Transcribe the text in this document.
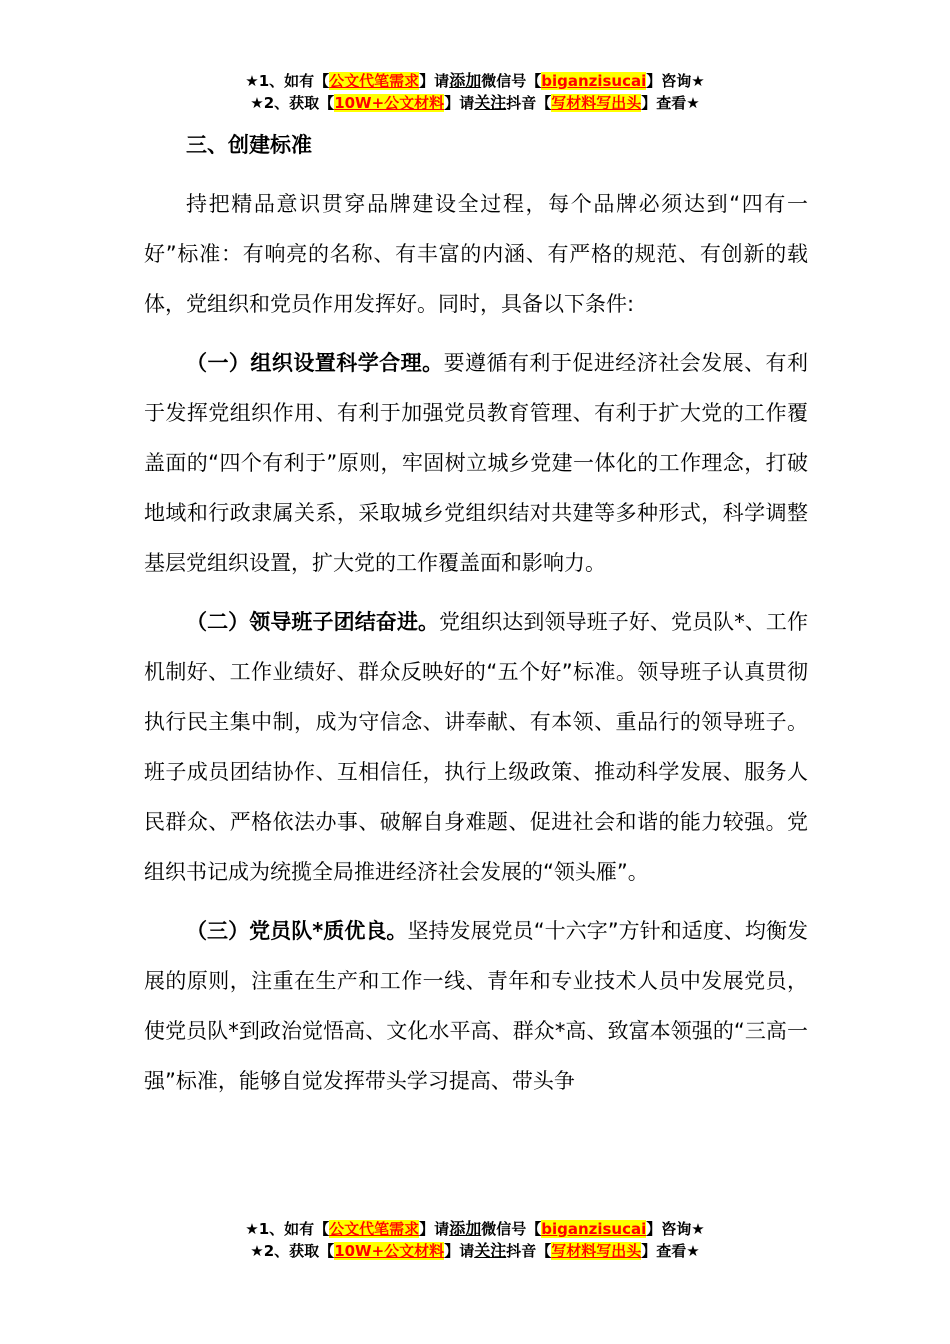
★1、如有【公文代笔需求】请添加微信号【biganzisucai】咨询★
★2、获取【10W+公文材料】请关注抖音【写材料写出头】查看★

三、创建标准

持把精品意识贯穿品牌建设全过程，每个品牌必须达到“四有一好”标准：有响亮的名称、有丰富的内涵、有严格的规范、有创新的载体，党组织和党员作用发挥好。同时，具备以下条件:

（一）组织设置科学合理。要遵循有利于促进经济社会发展、有利于发挥党组织作用、有利于加强党员教育管理、有利于扩大党的工作覆盖面的“四个有利于”原则，牢固树立城乡党建一体化的工作理念，打破地域和行政隶属关系，采取城乡党组织结对共建等多种形式，科学调整基层党组织设置，扩大党的工作覆盖面和影响力。

（二）领导班子团结奋进。党组织达到领导班子好、党员队*、工作机制好、工作业绩好、群众反映好的“五个好”标准。领导班子认真贯彻执行民主集中制，成为守信念、讲奉献、有本领、重品行的领导班子。班子成员团结协作、互相信任，执行上级政策、推动科学发展、服务人民群众、严格依法办事、破解自身难题、促进社会和谐的能力较强。党组织书记成为统揽全局推进经济社会发展的“领头雁”。

（三）党员队*质优良。坚持发展党员“十六字”方针和适度、均衡发展的原则，注重在生产和工作一线、青年和专业技术人员中发展党员，使党员队*到政治觉悟高、文化水平高、群众*高、致富本领强的“三高一强”标准，能够自觉发挥带头学习提高、带头争

★1、如有【公文代笔需求】请添加微信号【biganzisucai】咨询★
★2、获取【10W+公文材料】请关注抖音【写材料写出头】查看★
